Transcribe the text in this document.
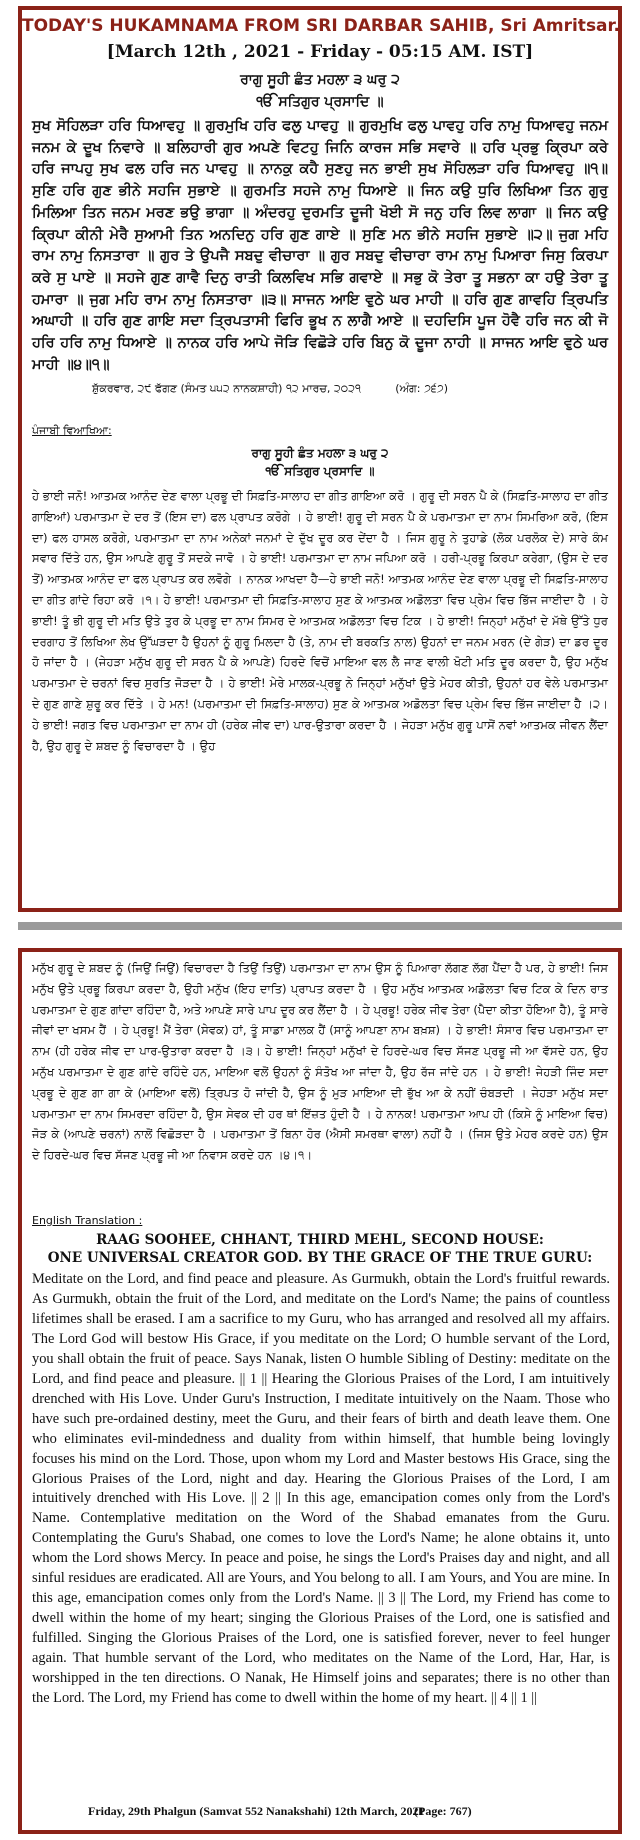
TODAY'S HUKAMNAMA FROM SRI DARBAR SAHIB, Sri Amritsar.
[March 12th , 2021 - Friday - 05:15 AM. IST]
ਰਾਗੁ ਸੂਹੀ ਛੰਤ ਮਹਲਾ ੩ ਘਰੁ ੨
ੴ ਸਤਿਗੁਰ ਪ੍ਰਸਾਦਿ ॥
ਸੁਖ ਸੋਹਿਲੜਾ ਹਰਿ ਧਿਆਵਹੁ ॥ ਗੁਰਮੁਖਿ ਹਰਿ ਫਲੁ ਪਾਵਹੁ ॥ ਗੁਰਮੁਖਿ ਫਲੁ ਪਾਵਹੁ ਹਰਿ ਨਾਮੁ ਧਿਆਵਹੁ ਜਨਮ ਜਨਮ ਕੇ ਦੂਖ ਨਿਵਾਰੇ ॥ ਬਲਿਹਾਰੀ ਗੁਰ ਅਪਣੇ ਵਿਟਹੁ ਜਿਨਿ ਕਾਰਜ ਸਭਿ ਸਵਾਰੇ ॥ ਹਰਿ ਪ੍ਰਭੁ ਕ੍ਰਿਪਾ ਕਰੇ ਹਰਿ ਜਾਪਹੁ ਸੁਖ ਫਲ ਹਰਿ ਜਨ ਪਾਵਹੁ ॥ ਨਾਨਕੁ ਕਹੈ ਸੁਣਹੁ ਜਨ ਭਾਈ ਸੁਖ ਸੋਹਿਲੜਾ ਹਰਿ ਧਿਆਵਹੁ ॥੧॥ ਸੁਣਿ ਹਰਿ ਗੁਣ ਭੀਨੇ ਸਹਜਿ ਸੁਭਾਏ ॥ ਗੁਰਮਤਿ ਸਹਜੇ ਨਾਮੁ ਧਿਆਏ ॥ ਜਿਨ ਕਉ ਧੁਰਿ ਲਿਖਿਆ ਤਿਨ ਗੁਰੁ ਮਿਲਿਆ ਤਿਨ ਜਨਮ ਮਰਣ ਭਉ ਭਾਗਾ ॥ ਅੰਦਰਹੁ ਦੁਰਮਤਿ ਦੂਜੀ ਖੋਈ ਸੋ ਜਨੁ ਹਰਿ ਲਿਵ ਲਾਗਾ ॥ ਜਿਨ ਕਉ ਕ੍ਰਿਪਾ ਕੀਨੀ ਮੇਰੈ ਸੁਆਮੀ ਤਿਨ ਅਨਦਿਨੁ ਹਰਿ ਗੁਣ ਗਾਏ ॥ ਸੁਣਿ ਮਨ ਭੀਨੇ ਸਹਜਿ ਸੁਭਾਏ ॥੨॥ ਜੁਗ ਮਹਿ ਰਾਮ ਨਾਮੁ ਨਿਸਤਾਰਾ ॥ ਗੁਰ ਤੇ ਉਪਜੈ ਸਬਦੁ ਵੀਚਾਰਾ ॥ ਗੁਰ ਸਬਦੁ ਵੀਚਾਰਾ ਰਾਮ ਨਾਮੁ ਪਿਆਰਾ ਜਿਸੁ ਕਿਰਪਾ ਕਰੇ ਸੁ ਪਾਏ ॥ ਸਹਜੇ ਗੁਣ ਗਾਵੈ ਦਿਨੁ ਰਾਤੀ ਕਿਲਵਿਖ ਸਭਿ ਗਵਾਏ ॥ ਸਭੁ ਕੋ ਤੇਰਾ ਤੂ ਸਭਨਾ ਕਾ ਹਉ ਤੇਰਾ ਤੂ ਹਮਾਰਾ ॥ ਜੁਗ ਮਹਿ ਰਾਮ ਨਾਮੁ ਨਿਸਤਾਰਾ ॥੩॥ ਸਾਜਨ ਆਇ ਵੁਠੇ ਘਰ ਮਾਹੀ ॥ ਹਰਿ ਗੁਣ ਗਾਵਹਿ ਤ੍ਰਿਪਤਿ ਅਘਾਹੀ ॥ ਹਰਿ ਗੁਣ ਗਾਇ ਸਦਾ ਤ੍ਰਿਪਤਾਸੀ ਫਿਰਿ ਭੂਖ ਨ ਲਾਗੈ ਆਏ ॥ ਦਹਦਿਸਿ ਪੂਜ ਹੋਵੈ ਹਰਿ ਜਨ ਕੀ ਜੋ ਹਰਿ ਹਰਿ ਨਾਮੁ ਧਿਆਏ ॥ ਨਾਨਕ ਹਰਿ ਆਪੇ ਜੋੜਿ ਵਿਛੋੜੇ ਹਰਿ ਬਿਨੁ ਕੋ ਦੂਜਾ ਨਾਹੀ ॥ ਸਾਜਨ ਆਇ ਵੁਠੇ ਘਰ ਮਾਹੀ ॥੪॥੧॥
ਸ਼ੁੱਕਰਵਾਰ, ੨੯ ਫੱਗਣ (ਸੰਮਤ ੫੫੨ ਨਾਨਕਸ਼ਾਹੀ) ੧੨ ਮਾਰਚ, ੨੦੨੧	(ਅੰਗ: ੭੬੭)
ਪੰਜਾਬੀ ਵਿਆਖਿਆ:
ਰਾਗੁ ਸੂਹੀ ਛੰਤ ਮਹਲਾ ੩ ਘਰੁ ੨
ੴ ਸਤਿਗੁਰ ਪ੍ਰਸਾਦਿ ॥
ਹੇ ਭਾਈ ਜਨੋ! ਆਤਮਕ ਆਨੰਦ ਦੇਣ ਵਾਲਾ ਪ੍ਰਭੂ ਦੀ ਸਿਫ਼ਤਿ-ਸਾਲਾਹ ਦਾ ਗੀਤ ਗਾਇਆ ਕਰੋ । ਗੁਰੂ ਦੀ ਸਰਨ ਪੈ ਕੇ (ਸਿਫ਼ਤਿ-ਸਾਲਾਹ ਦਾ ਗੀਤ ਗਾਇਆਂ) ਪਰਮਾਤਮਾ ਦੇ ਦਰ ਤੋਂ (ਇਸ ਦਾ) ਫਲ ਪ੍ਰਾਪਤ ਕਰੋਗੇ । ਹੇ ਭਾਈ! ਗੁਰੂ ਦੀ ਸਰਨ ਪੈ ਕੇ ਪਰਮਾਤਮਾ ਦਾ ਨਾਮ ਸਿਮਰਿਆ ਕਰੋ, (ਇਸ ਦਾ) ਫਲ ਹਾਸਲ ਕਰੋਗੇ, ਪਰਮਾਤਮਾ ਦਾ ਨਾਮ ਅਨੇਕਾਂ ਜਨਮਾਂ ਦੇ ਦੁੱਖ ਦੂਰ ਕਰ ਦੇਂਦਾ ਹੈ । ਜਿਸ ਗੁਰੂ ਨੇ ਤੁਹਾਡੇ (ਲੋਕ ਪਰਲੋਕ ਦੇ) ਸਾਰੇ ਕੰਮ ਸਵਾਰ ਦਿੱਤੇ ਹਨ, ਉਸ ਆਪਣੇ ਗੁਰੂ ਤੋਂ ਸਦਕੇ ਜਾਵੋ । ਹੇ ਭਾਈ! ਪਰਮਾਤਮਾ ਦਾ ਨਾਮ ਜਪਿਆ ਕਰੋ । ਹਰੀ-ਪ੍ਰਭੂ ਕਿਰਪਾ ਕਰੇਗਾ, (ਉਸ ਦੇ ਦਰ ਤੋਂ) ਆਤਮਕ ਆਨੰਦ ਦਾ ਫਲ ਪ੍ਰਾਪਤ ਕਰ ਲਵੋਗੇ । ਨਾਨਕ ਆਖਦਾ ਹੈ—ਹੇ ਭਾਈ ਜਨੋ! ਆਤਮਕ ਆਨੰਦ ਦੇਣ ਵਾਲਾ ਪ੍ਰਭੂ ਦੀ ਸਿਫ਼ਤਿ-ਸਾਲਾਹ ਦਾ ਗੀਤ ਗਾਂਦੇ ਰਿਹਾ ਕਰੋ ।੧। ਹੇ ਭਾਈ! ਪਰਮਾਤਮਾ ਦੀ ਸਿਫ਼ਤਿ-ਸਾਲਾਹ ਸੁਣ ਕੇ ਆਤਮਕ ਅਡੋਲਤਾ ਵਿਚ ਪ੍ਰੇਮ ਵਿਚ ਭਿੱਜ ਜਾਈਦਾ ਹੈ । ਹੇ ਭਾਈ! ਤੂੰ ਭੀ ਗੁਰੂ ਦੀ ਮਤਿ ਉਤੇ ਤੁਰ ਕੇ ਪ੍ਰਭੂ ਦਾ ਨਾਮ ਸਿਮਰ ਦੇ ਆਤਮਕ ਅਡੋਲਤਾ ਵਿਚ ਟਿਕ । ਹੇ ਭਾਈ! ਜਿਨ੍ਹਾਂ ਮਨੁੱਖਾਂ ਦੇ ਮੱਥੇ ਉੱਤੇ ਧੁਰ ਦਰਗਾਹ ਤੋਂ ਲਿਖਿਆ ਲੇਖ ਉੱਘੜਦਾ ਹੈ ਉਹਨਾਂ ਨੂੰ ਗੁਰੂ ਮਿਲਦਾ ਹੈ (ਤੇ, ਨਾਮ ਦੀ ਬਰਕਤਿ ਨਾਲ) ਉਹਨਾਂ ਦਾ ਜਨਮ ਮਰਨ (ਦੇ ਗੇੜ) ਦਾ ਡਰ ਦੂਰ ਹੋ ਜਾਂਦਾ ਹੈ । (ਜੇਹੜਾ ਮਨੁੱਖ ਗੁਰੂ ਦੀ ਸਰਨ ਪੈ ਕੇ ਆਪਣੇ) ਹਿਰਦੇ ਵਿਚੋਂ ਮਾਇਆ ਵਲ ਲੈ ਜਾਣ ਵਾਲੀ ਖੋਟੀ ਮਤਿ ਦੂਰ ਕਰਦਾ ਹੈ, ਉਹ ਮਨੁੱਖ ਪਰਮਾਤਮਾ ਦੇ ਚਰਨਾਂ ਵਿਚ ਸੁਰਤਿ ਜੋੜਦਾ ਹੈ । ਹੇ ਭਾਈ! ਮੇਰੇ ਮਾਲਕ-ਪ੍ਰਭੂ ਨੇ ਜਿਨ੍ਹਾਂ ਮਨੁੱਖਾਂ ਉਤੇ ਮੇਹਰ ਕੀਤੀ, ਉਹਨਾਂ ਹਰ ਵੇਲੇ ਪਰਮਾਤਮਾ ਦੇ ਗੁਣ ਗਾਣੇ ਸ਼ੁਰੂ ਕਰ ਦਿੱਤੇ । ਹੇ ਮਨ! (ਪਰਮਾਤਮਾ ਦੀ ਸਿਫ਼ਤਿ-ਸਾਲਾਹ) ਸੁਣ ਕੇ ਆਤਮਕ ਅਡੋਲਤਾ ਵਿਚ ਪ੍ਰੇਮ ਵਿਚ ਭਿੱਜ ਜਾਈਦਾ ਹੈ ।੨। ਹੇ ਭਾਈ! ਜਗਤ ਵਿਚ ਪਰਮਾਤਮਾ ਦਾ ਨਾਮ ਹੀ (ਹਰੇਕ ਜੀਵ ਦਾ) ਪਾਰ-ਉਤਾਰਾ ਕਰਦਾ ਹੈ । ਜੇਹੜਾ ਮਨੁੱਖ ਗੁਰੂ ਪਾਸੋਂ ਨਵਾਂ ਆਤਮਕ ਜੀਵਨ ਲੈਂਦਾ ਹੈ, ਉਹ ਗੁਰੂ ਦੇ ਸ਼ਬਦ ਨੂੰ ਵਿਚਾਰਦਾ ਹੈ । ਉਹ
ਮਨੁੱਖ ਗੁਰੂ ਦੇ ਸ਼ਬਦ ਨੂੰ (ਜਿਉਂ ਜਿਉਂ) ਵਿਚਾਰਦਾ ਹੈ ਤਿਉਂ ਤਿਉਂ) ਪਰਮਾਤਮਾ ਦਾ ਨਾਮ ਉਸ ਨੂੰ ਪਿਆਰਾ ਲੱਗਣ ਲੱਗ ਪੈਂਦਾ ਹੈ ਪਰ, ਹੇ ਭਾਈ! ਜਿਸ ਮਨੁੱਖ ਉਤੇ ਪ੍ਰਭੂ ਕਿਰਪਾ ਕਰਦਾ ਹੈ, ਉਹੀ ਮਨੁੱਖ (ਇਹ ਦਾਤਿ) ਪ੍ਰਾਪਤ ਕਰਦਾ ਹੈ । ਉਹ ਮਨੁੱਖ ਆਤਮਕ ਅਡੋਲਤਾ ਵਿਚ ਟਿਕ ਕੇ ਦਿਨ ਰਾਤ ਪਰਮਾਤਮਾ ਦੇ ਗੁਣ ਗਾਂਦਾ ਰਹਿੰਦਾ ਹੈ, ਅਤੇ ਆਪਣੇ ਸਾਰੇ ਪਾਪ ਦੂਰ ਕਰ ਲੈਂਦਾ ਹੈ । ਹੇ ਪ੍ਰਭੂ! ਹਰੇਕ ਜੀਵ ਤੇਰਾ (ਪੈਦਾ ਕੀਤਾ ਹੋਇਆ ਹੈ), ਤੂੰ ਸਾਰੇ ਜੀਵਾਂ ਦਾ ਖਸਮ ਹੈਂ । ਹੇ ਪ੍ਰਭੂ! ਮੈਂ ਤੇਰਾ (ਸੇਵਕ) ਹਾਂ, ਤੂੰ ਸਾਡਾ ਮਾਲਕ ਹੈਂ (ਸਾਨੂੰ ਆਪਣਾ ਨਾਮ ਬਖ਼ਸ਼) । ਹੇ ਭਾਈ! ਸੰਸਾਰ ਵਿਚ ਪਰਮਾਤਮਾ ਦਾ ਨਾਮ (ਹੀ ਹਰੇਕ ਜੀਵ ਦਾ ਪਾਰ-ਉਤਾਰਾ ਕਰਦਾ ਹੈ ।੩। ਹੇ ਭਾਈ! ਜਿਨ੍ਹਾਂ ਮਨੁੱਖਾਂ ਦੇ ਹਿਰਦੇ-ਘਰ ਵਿਚ ਸੱਜਣ ਪ੍ਰਭੂ ਜੀ ਆ ਵੱਸਦੇ ਹਨ, ਉਹ ਮਨੁੱਖ ਪਰਮਾਤਮਾ ਦੇ ਗੁਣ ਗਾਂਦੇ ਰਹਿੰਦੇ ਹਨ, ਮਾਇਆ ਵਲੋਂ ਉਹਨਾਂ ਨੂੰ ਸੰਤੋਖ ਆ ਜਾਂਦਾ ਹੈ, ਉਹ ਰੱਜ ਜਾਂਦੇ ਹਨ । ਹੇ ਭਾਈ! ਜੇਹੜੀ ਜਿੰਦ ਸਦਾ ਪ੍ਰਭੂ ਦੇ ਗੁਣ ਗਾ ਗਾ ਕੇ (ਮਾਇਆ ਵਲੋਂ) ਤ੍ਰਿਪਤ ਹੋ ਜਾਂਦੀ ਹੈ, ਉਸ ਨੂੰ ਮੁੜ ਮਾਇਆ ਦੀ ਭੁੱਖ ਆ ਕੇ ਨਹੀਂ ਚੰਬੜਦੀ । ਜੇਹੜਾ ਮਨੁੱਖ ਸਦਾ ਪਰਮਾਤਮਾ ਦਾ ਨਾਮ ਸਿਮਰਦਾ ਰਹਿੰਦਾ ਹੈ, ਉਸ ਸੇਵਕ ਦੀ ਹਰ ਥਾਂ ਇੱਜ਼ਤ ਹੁੰਦੀ ਹੈ । ਹੇ ਨਾਨਕ! ਪਰਮਾਤਮਾ ਆਪ ਹੀ (ਕਿਸੇ ਨੂੰ ਮਾਇਆ ਵਿਚ) ਜੋੜ ਕੇ (ਆਪਣੇ ਚਰਨਾਂ) ਨਾਲੋਂ ਵਿਛੋੜਦਾ ਹੈ । ਪਰਮਾਤਮਾ ਤੋਂ ਬਿਨਾ ਹੋਰ (ਐਸੀ ਸਮਰਥਾ ਵਾਲਾ) ਨਹੀਂ ਹੈ । (ਜਿਸ ਉਤੇ ਮੇਹਰ ਕਰਦੇ ਹਨ) ਉਸ ਦੇ ਹਿਰਦੇ-ਘਰ ਵਿਚ ਸੱਜਣ ਪ੍ਰਭੂ ਜੀ ਆ ਨਿਵਾਸ ਕਰਦੇ ਹਨ ।੪।੧।
English Translation :
RAAG SOOHEE, CHHANT, THIRD MEHL, SECOND HOUSE:
ONE UNIVERSAL CREATOR GOD. BY THE GRACE OF THE TRUE GURU:
Meditate on the Lord, and find peace and pleasure. As Gurmukh, obtain the Lord's fruitful rewards. As Gurmukh, obtain the fruit of the Lord, and meditate on the Lord's Name; the pains of countless lifetimes shall be erased. I am a sacrifice to my Guru, who has arranged and resolved all my affairs. The Lord God will bestow His Grace, if you meditate on the Lord; O humble servant of the Lord, you shall obtain the fruit of peace. Says Nanak, listen O humble Sibling of Destiny: meditate on the Lord, and find peace and pleasure. || 1 || Hearing the Glorious Praises of the Lord, I am intuitively drenched with His Love. Under Guru's Instruction, I meditate intuitively on the Naam. Those who have such pre-ordained destiny, meet the Guru, and their fears of birth and death leave them. One who eliminates evil-mindedness and duality from within himself, that humble being lovingly focuses his mind on the Lord. Those, upon whom my Lord and Master bestows His Grace, sing the Glorious Praises of the Lord, night and day. Hearing the Glorious Praises of the Lord, I am intuitively drenched with His Love. || 2 || In this age, emancipation comes only from the Lord's Name. Contemplative meditation on the Word of the Shabad emanates from the Guru. Contemplating the Guru's Shabad, one comes to love the Lord's Name; he alone obtains it, unto whom the Lord shows Mercy. In peace and poise, he sings the Lord's Praises day and night, and all sinful residues are eradicated. All are Yours, and You belong to all. I am Yours, and You are mine. In this age, emancipation comes only from the Lord's Name. || 3 || The Lord, my Friend has come to dwell within the home of my heart; singing the Glorious Praises of the Lord, one is satisfied and fulfilled. Singing the Glorious Praises of the Lord, one is satisfied forever, never to feel hunger again. That humble servant of the Lord, who meditates on the Name of the Lord, Har, Har, is worshipped in the ten directions. O Nanak, He Himself joins and separates; there is no other than the Lord. The Lord, my Friend has come to dwell within the home of my heart. || 4 || 1 ||
Friday, 29th Phalgun (Samvat 552 Nanakshahi) 12th March, 2021
(Page: 767)
